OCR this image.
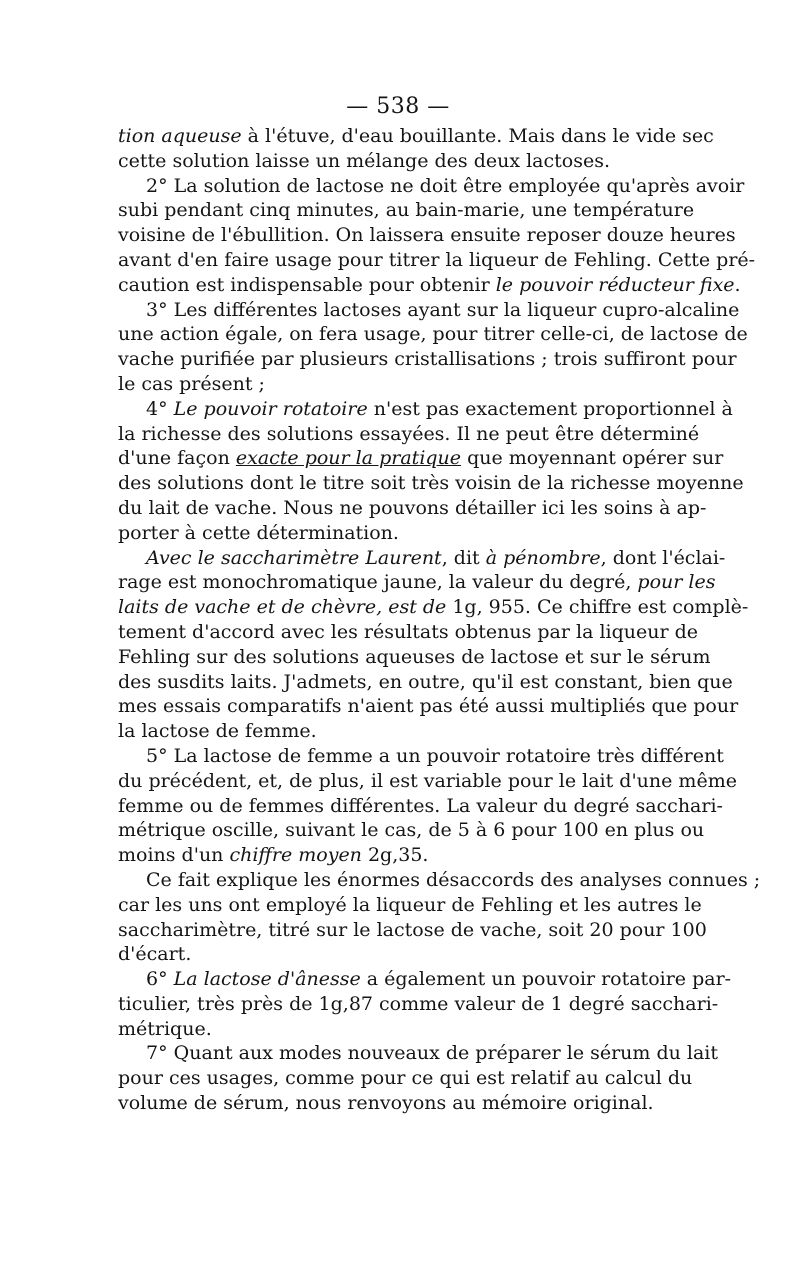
— 538 —
tion aqueuse à l'étuve, d'eau bouillante. Mais dans le vide sec
cette solution laisse un mélange des deux lactoses.
2° La solution de lactose ne doit être employée qu'après avoir
subi pendant cinq minutes, au bain-marie, une température
voisine de l'ébullition. On laissera ensuite reposer douze heures
avant d'en faire usage pour titrer la liqueur de Fehling. Cette pré-
caution est indispensable pour obtenir le pouvoir réducteur fixe.
3° Les différentes lactoses ayant sur la liqueur cupro-alcaline
une action égale, on fera usage, pour titrer celle-ci, de lactose de
vache purifiée par plusieurs cristallisations ; trois suffiront pour
le cas présent ;
4° Le pouvoir rotatoire n'est pas exactement proportionnel à
la richesse des solutions essayées. Il ne peut être déterminé
d'une façon exacte pour la pratique que moyennant opérer sur
des solutions dont le titre soit très voisin de la richesse moyenne
du lait de vache. Nous ne pouvons détailler ici les soins à ap-
porter à cette détermination.
Avec le saccharimètre Laurent, dit à pénombre, dont l'éclai-
rage est monochromatique jaune, la valeur du degré, pour les
laits de vache et de chèvre, est de 1g, 955. Ce chiffre est complè-
tement d'accord avec les résultats obtenus par la liqueur de
Fehling sur des solutions aqueuses de lactose et sur le sérum
des susdits laits. J'admets, en outre, qu'il est constant, bien que
mes essais comparatifs n'aient pas été aussi multipliés que pour
la lactose de femme.
5° La lactose de femme a un pouvoir rotatoire très différent
du précédent, et, de plus, il est variable pour le lait d'une même
femme ou de femmes différentes. La valeur du degré sacchari-
métrique oscille, suivant le cas, de 5 à 6 pour 100 en plus ou
moins d'un chiffre moyen 2g,35.
Ce fait explique les énormes désaccords des analyses connues ;
car les uns ont employé la liqueur de Fehling et les autres le
saccharimètre, titré sur le lactose de vache, soit 20 pour 100
d'écart.
6° La lactose d'ânesse a également un pouvoir rotatoire par-
ticulier, très près de 1g,87 comme valeur de 1 degré sacchari-
métrique.
7° Quant aux modes nouveaux de préparer le sérum du lait
pour ces usages, comme pour ce qui est relatif au calcul du
volume de sérum, nous renvoyons au mémoire original.
